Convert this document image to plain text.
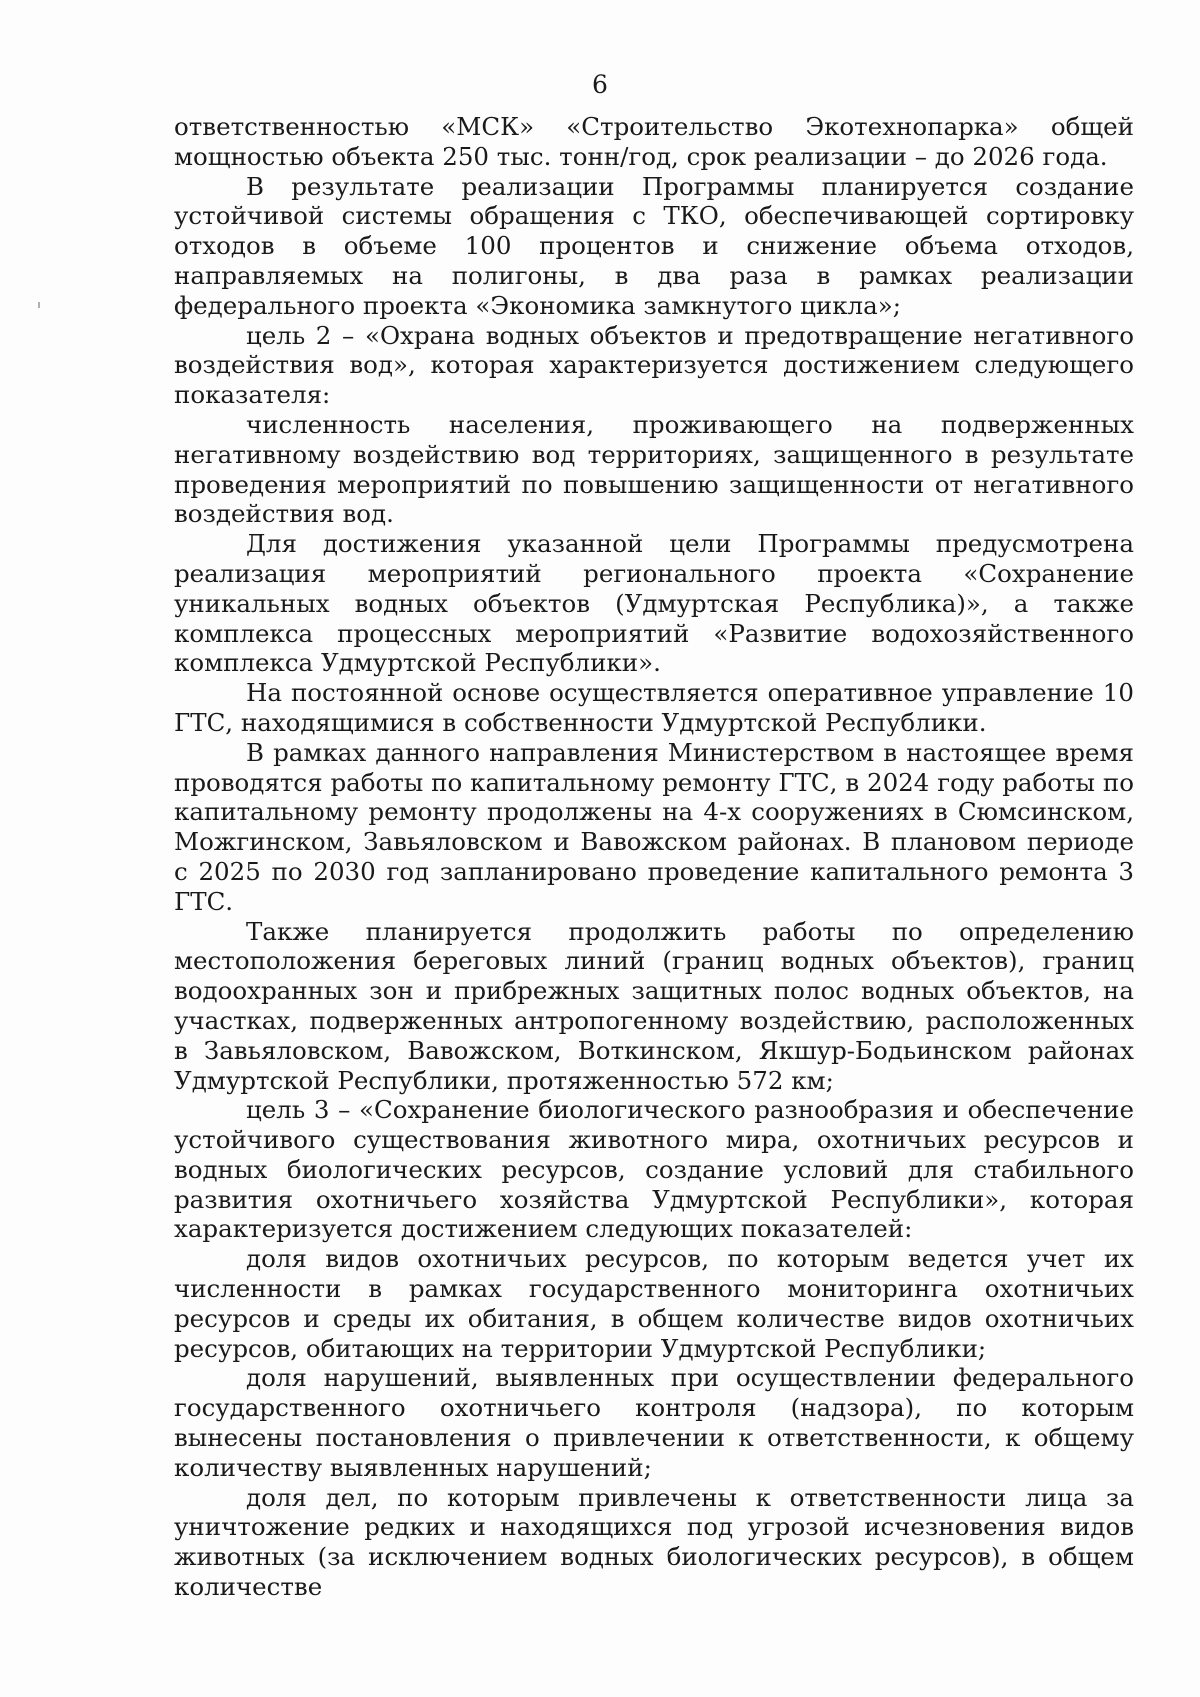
6

ответственностью «МСК» «Строительство Экотехнопарка» общей мощностью объекта 250 тыс. тонн/год, срок реализации – до 2026 года.

В результате реализации Программы планируется создание устойчивой системы обращения с ТКО, обеспечивающей сортировку отходов в объеме 100 процентов и снижение объема отходов, направляемых на полигоны, в два раза в рамках реализации федерального проекта «Экономика замкнутого цикла»;

цель 2 – «Охрана водных объектов и предотвращение негативного воздействия вод», которая характеризуется достижением следующего показателя:

численность населения, проживающего на подверженных негативному воздействию вод территориях, защищенного в результате проведения мероприятий по повышению защищенности от негативного воздействия вод.

Для достижения указанной цели Программы предусмотрена реализация мероприятий регионального проекта «Сохранение уникальных водных объектов (Удмуртская Республика)», а также комплекса процессных мероприятий «Развитие водохозяйственного комплекса Удмуртской Республики».

На постоянной основе осуществляется оперативное управление 10 ГТС, находящимися в собственности Удмуртской Республики.

В рамках данного направления Министерством в настоящее время проводятся работы по капитальному ремонту ГТС, в 2024 году работы по капитальному ремонту продолжены на 4-х сооружениях в Сюмсинском, Можгинском, Завьяловском и Вавожском районах. В плановом периоде с 2025 по 2030 год запланировано проведение капитального ремонта 3 ГТС.

Также планируется продолжить работы по определению местоположения береговых линий (границ водных объектов), границ водоохранных зон и прибрежных защитных полос водных объектов, на участках, подверженных антропогенному воздействию, расположенных в Завьяловском, Вавожском, Воткинском, Якшур-Бодьинском районах Удмуртской Республики, протяженностью 572 км;

цель 3 – «Сохранение биологического разнообразия и обеспечение устойчивого существования животного мира, охотничьих ресурсов и водных биологических ресурсов, создание условий для стабильного развития охотничьего хозяйства Удмуртской Республики», которая характеризуется достижением следующих показателей:

доля видов охотничьих ресурсов, по которым ведется учет их численности в рамках государственного мониторинга охотничьих ресурсов и среды их обитания, в общем количестве видов охотничьих ресурсов, обитающих на территории Удмуртской Республики;

доля нарушений, выявленных при осуществлении федерального государственного охотничьего контроля (надзора), по которым вынесены постановления о привлечении к ответственности, к общему количеству выявленных нарушений;

доля дел, по которым привлечены к ответственности лица за уничтожение редких и находящихся под угрозой исчезновения видов животных (за исключением водных биологических ресурсов), в общем количестве
